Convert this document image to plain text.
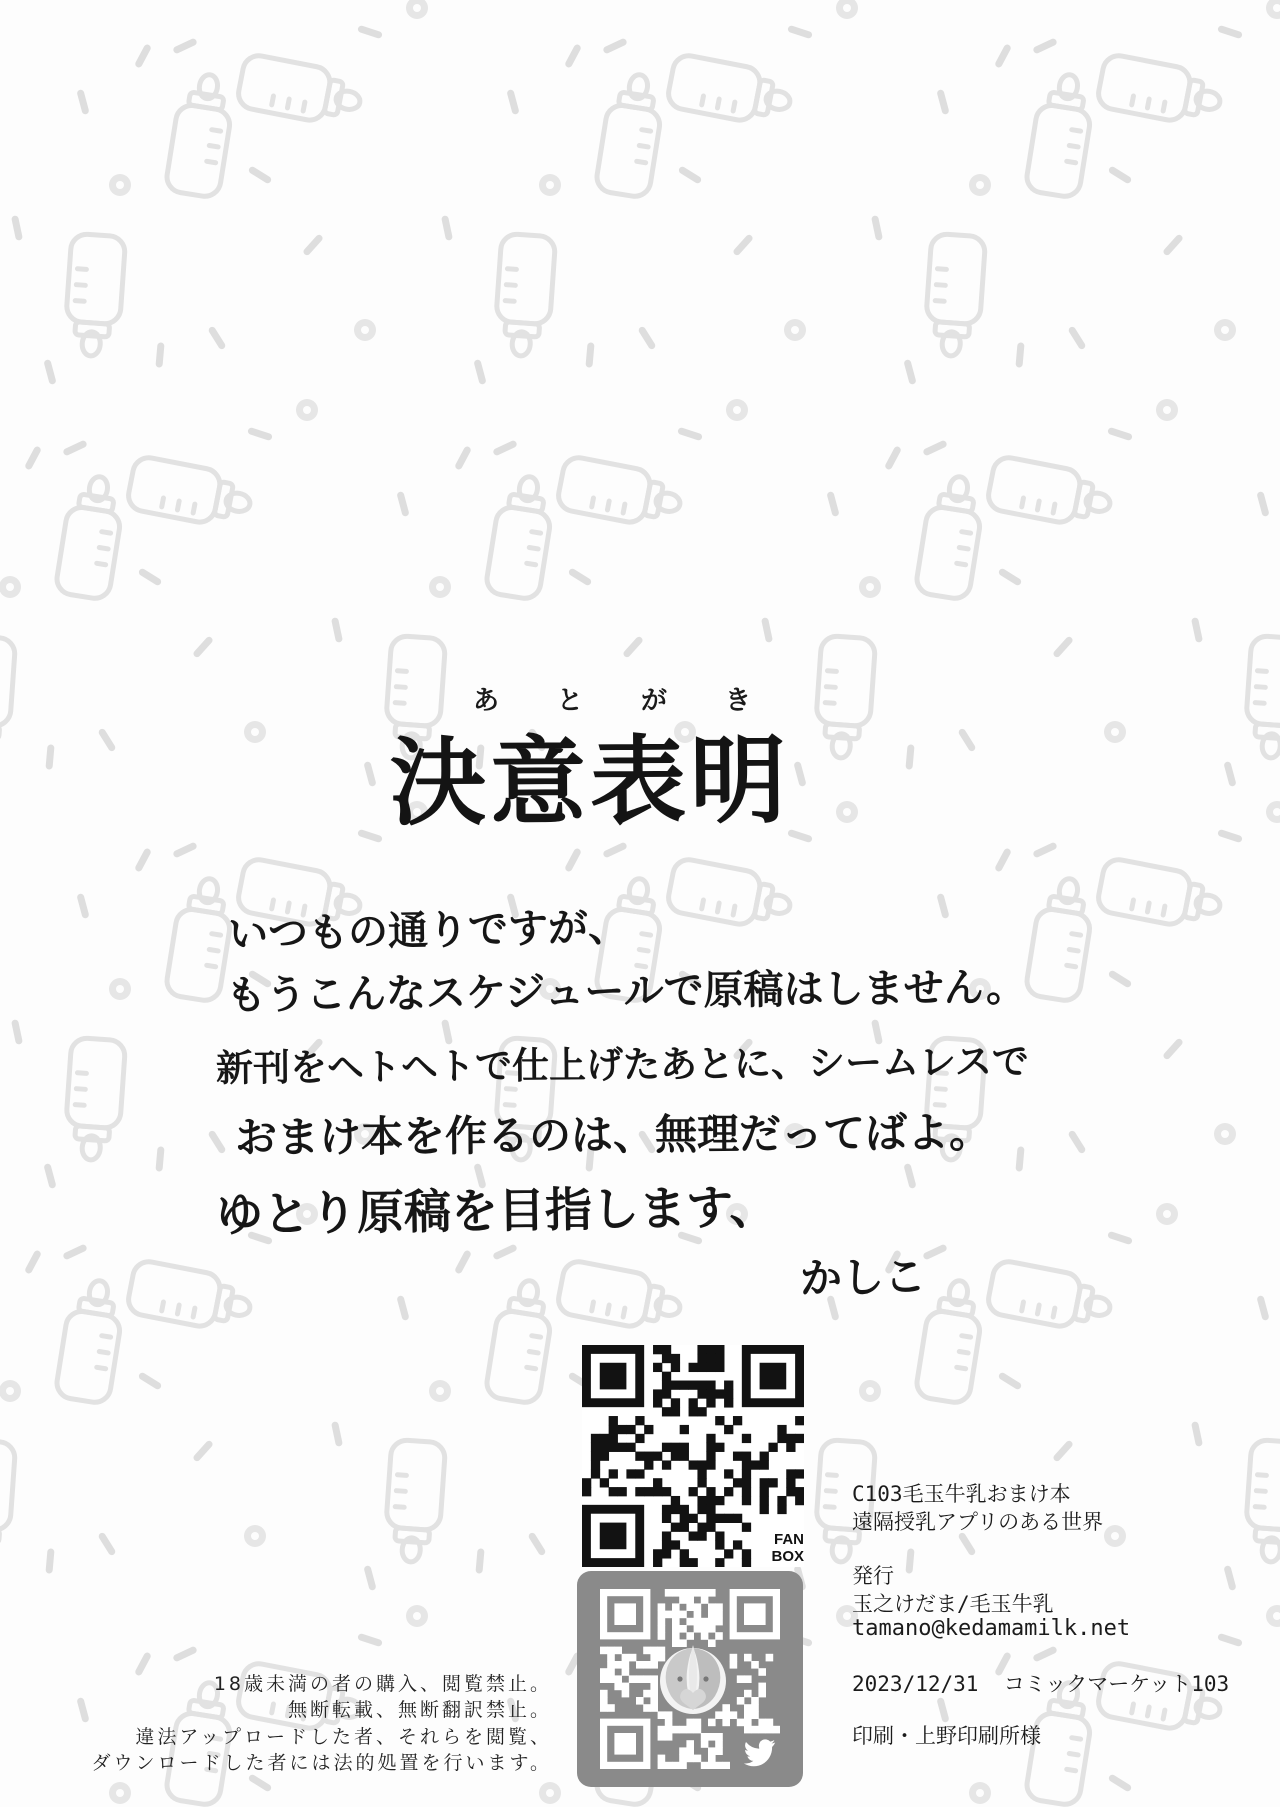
あとがき
決意表明
いつもの通りですが、
もうこんなスケジュールで原稿はしません。
新刊をヘトヘトで仕上げたあとに、シームレスで
おまけ本を作るのは、無理だってばよ。
ゆとり原稿を目指します、
かしこ
FAN
BOX
C103毛玉牛乳おまけ本
遠隔授乳アプリのある世界
発行
玉之けだま/毛玉牛乳
tamano@kedamamilk.net
2023/12/31  コミックマーケット103
印刷・上野印刷所様
18歳未満の者の購入、閲覧禁止。
無断転載、無断翻訳禁止。
違法アップロードした者、それらを閲覧、
ダウンロードした者には法的処置を行います。
